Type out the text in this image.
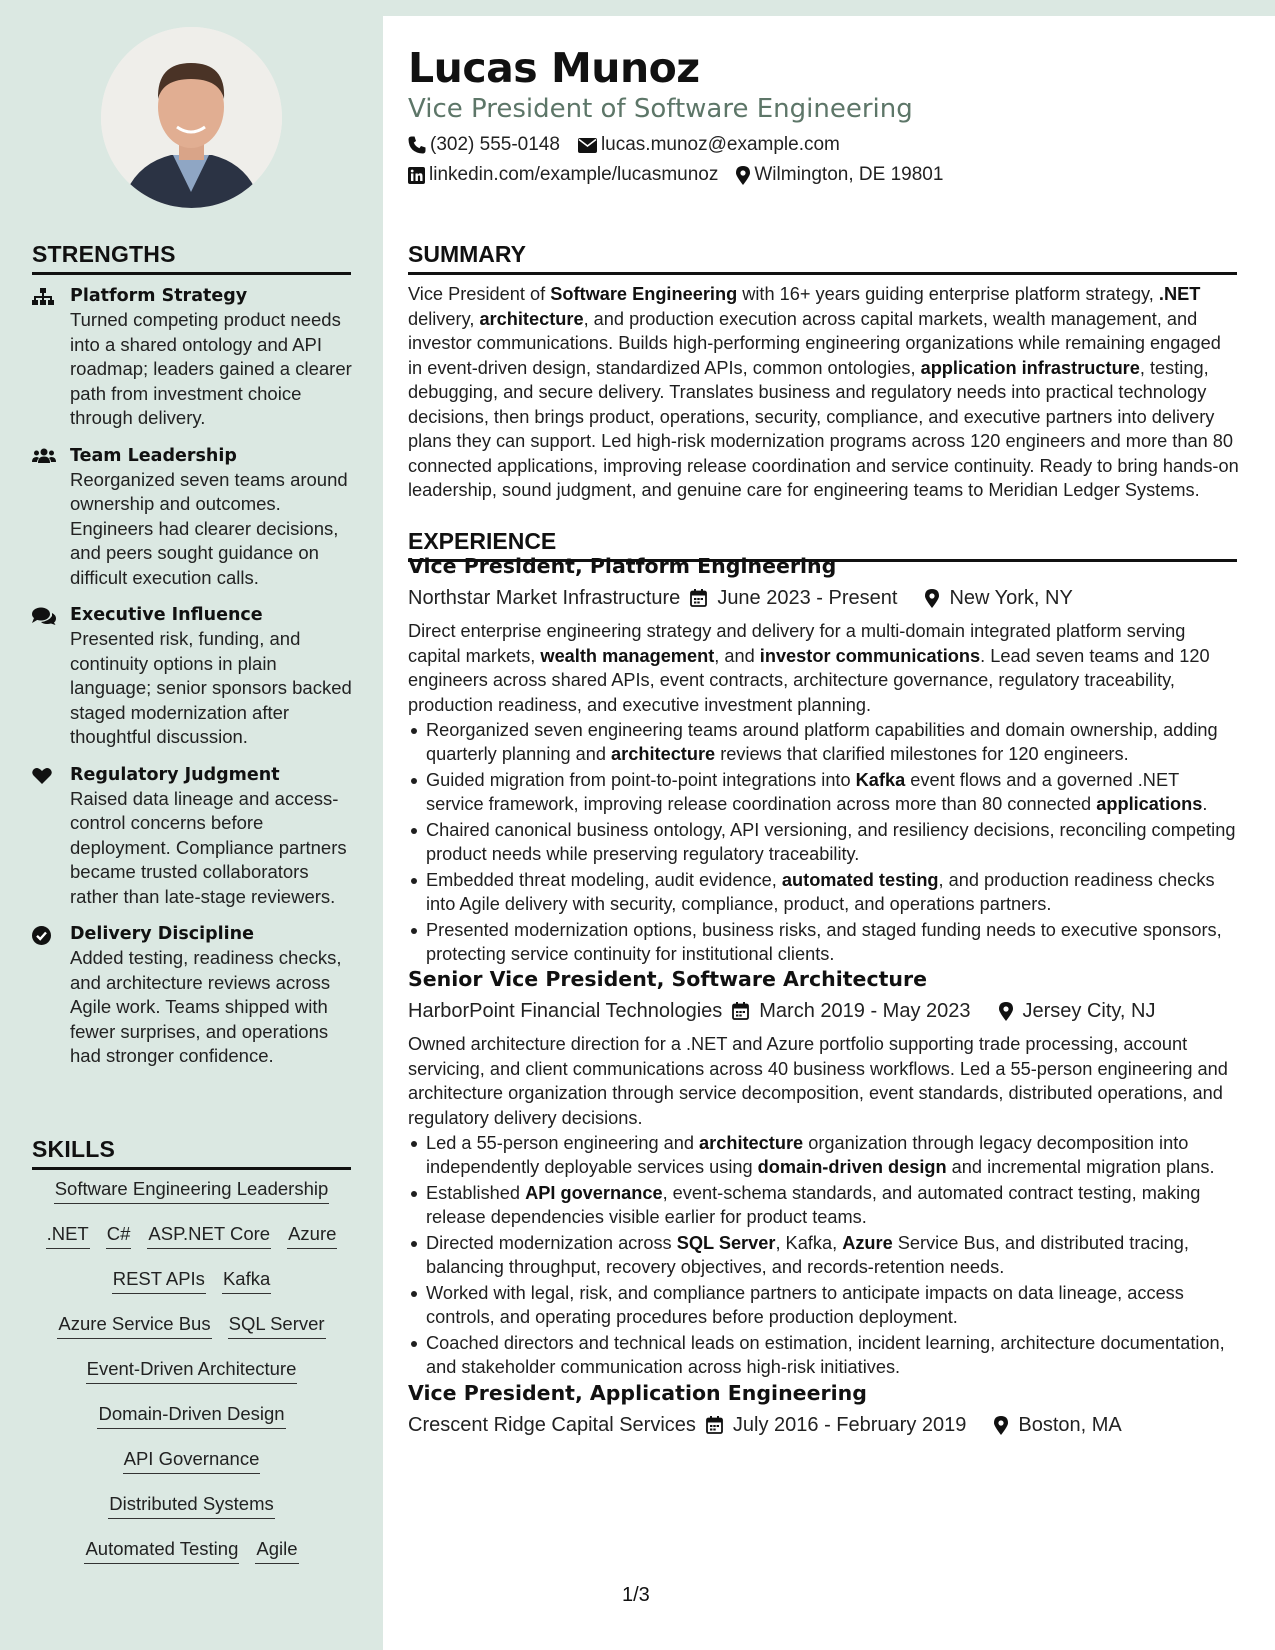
STRENGTHS
Platform Strategy
Turned competing product needs into a shared ontology and API roadmap; leaders gained a clearer path from investment choice through delivery.
Team Leadership
Reorganized seven teams around ownership and outcomes. Engineers had clearer decisions, and peers sought guidance on difficult execution calls.
Executive Influence
Presented risk, funding, and continuity options in plain language; senior sponsors backed staged modernization after thoughtful discussion.
Regulatory Judgment
Raised data lineage and access-control concerns before deployment. Compliance partners became trusted collaborators rather than late-stage reviewers.
Delivery Discipline
Added testing, readiness checks, and architecture reviews across Agile work. Teams shipped with fewer surprises, and operations had stronger confidence.
SKILLS
Software Engineering Leadership
.NET C# ASP.NET Core Azure
REST APIs Kafka
Azure Service Bus SQL Server
Event-Driven Architecture
Domain-Driven Design
API Governance
Distributed Systems
Automated Testing Agile
Lucas Munoz
Vice President of Software Engineering
(302) 555-0148 lucas.munoz@example.com
linkedin.com/example/lucasmunoz Wilmington, DE 19801
SUMMARY
Vice President of Software Engineering with 16+ years guiding enterprise platform strategy, .NET delivery, architecture, and production execution across capital markets, wealth management, and investor communications. Builds high-performing engineering organizations while remaining engaged in event-driven design, standardized APIs, common ontologies, application infrastructure, testing, debugging, and secure delivery. Translates business and regulatory needs into practical technology decisions, then brings product, operations, security, compliance, and executive partners into delivery plans they can support. Led high-risk modernization programs across 120 engineers and more than 80 connected applications, improving release coordination and service continuity. Ready to bring hands-on leadership, sound judgment, and genuine care for engineering teams to Meridian Ledger Systems.
EXPERIENCE
Vice President, Platform Engineering
Northstar Market Infrastructure June 2023 - Present	New York, NY
Direct enterprise engineering strategy and delivery for a multi-domain integrated platform serving capital markets, wealth management, and investor communications. Lead seven teams and 120 engineers across shared APIs, event contracts, architecture governance, regulatory traceability, production readiness, and executive investment planning.
Reorganized seven engineering teams around platform capabilities and domain ownership, adding quarterly planning and architecture reviews that clarified milestones for 120 engineers.
Guided migration from point-to-point integrations into Kafka event flows and a governed .NET service framework, improving release coordination across more than 80 connected applications.
Chaired canonical business ontology, API versioning, and resiliency decisions, reconciling competing product needs while preserving regulatory traceability.
Embedded threat modeling, audit evidence, automated testing, and production readiness checks into Agile delivery with security, compliance, product, and operations partners.
Presented modernization options, business risks, and staged funding needs to executive sponsors, protecting service continuity for institutional clients.
Senior Vice President, Software Architecture
HarborPoint Financial Technologies March 2019 - May 2023	Jersey City, NJ
Owned architecture direction for a .NET and Azure portfolio supporting trade processing, account servicing, and client communications across 40 business workflows. Led a 55-person engineering and architecture organization through service decomposition, event standards, distributed operations, and regulatory delivery decisions.
Led a 55-person engineering and architecture organization through legacy decomposition into independently deployable services using domain-driven design and incremental migration plans.
Established API governance, event-schema standards, and automated contract testing, making release dependencies visible earlier for product teams.
Directed modernization across SQL Server, Kafka, Azure Service Bus, and distributed tracing, balancing throughput, recovery objectives, and records-retention needs.
Worked with legal, risk, and compliance partners to anticipate impacts on data lineage, access controls, and operating procedures before production deployment.
Coached directors and technical leads on estimation, incident learning, architecture documentation, and stakeholder communication across high-risk initiatives.
Vice President, Application Engineering
Crescent Ridge Capital Services July 2016 - February 2019	Boston, MA
1/3
